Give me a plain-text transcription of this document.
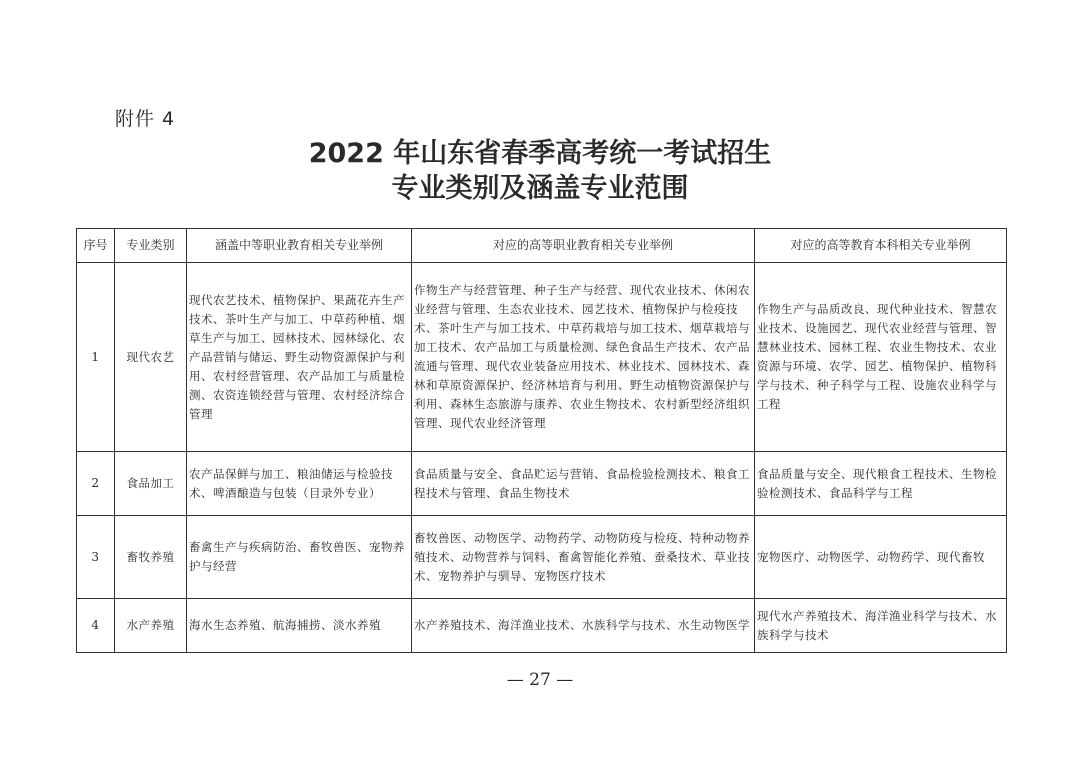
附件 4
2022 年山东省春季高考统一考试招生
专业类别及涵盖专业范围
序号	专业类别	涵盖中等职业教育相关专业举例	对应的高等职业教育相关专业举例	对应的高等教育本科相关专业举例
1	现代农艺	现代农艺技术、植物保护、果蔬花卉生产技术、茶叶生产与加工、中草药种植、烟草生产与加工、园林技术、园林绿化、农产品营销与储运、野生动物资源保护与利用、农村经营管理、农产品加工与质量检测、农资连锁经营与管理、农村经济综合管理	作物生产与经营管理、种子生产与经营、现代农业技术、休闲农业经营与管理、生态农业技术、园艺技术、植物保护与检疫技术、茶叶生产与加工技术、中草药栽培与加工技术、烟草栽培与加工技术、农产品加工与质量检测、绿色食品生产技术、农产品流通与管理、现代农业装备应用技术、林业技术、园林技术、森林和草原资源保护、经济林培育与利用、野生动植物资源保护与利用、森林生态旅游与康养、农业生物技术、农村新型经济组织管理、现代农业经济管理	作物生产与品质改良、现代种业技术、智慧农业技术、设施园艺、现代农业经营与管理、智慧林业技术、园林工程、农业生物技术、农业资源与环境、农学、园艺、植物保护、植物科学与技术、种子科学与工程、设施农业科学与工程
2	食品加工	农产品保鲜与加工、粮油储运与检验技术、啤酒酿造与包装（目录外专业）	食品质量与安全、食品贮运与营销、食品检验检测技术、粮食工程技术与管理、食品生物技术	食品质量与安全、现代粮食工程技术、生物检验检测技术、食品科学与工程
3	畜牧养殖	畜禽生产与疾病防治、畜牧兽医、宠物养护与经营	畜牧兽医、动物医学、动物药学、动物防疫与检疫、特种动物养殖技术、动物营养与饲料、畜禽智能化养殖、蚕桑技术、草业技术、宠物养护与驯导、宠物医疗技术	宠物医疗、动物医学、动物药学、现代畜牧
4	水产养殖	海水生态养殖、航海捕捞、淡水养殖	水产养殖技术、海洋渔业技术、水族科学与技术、水生动物医学	现代水产养殖技术、海洋渔业科学与技术、水族科学与技术
— 27 —
